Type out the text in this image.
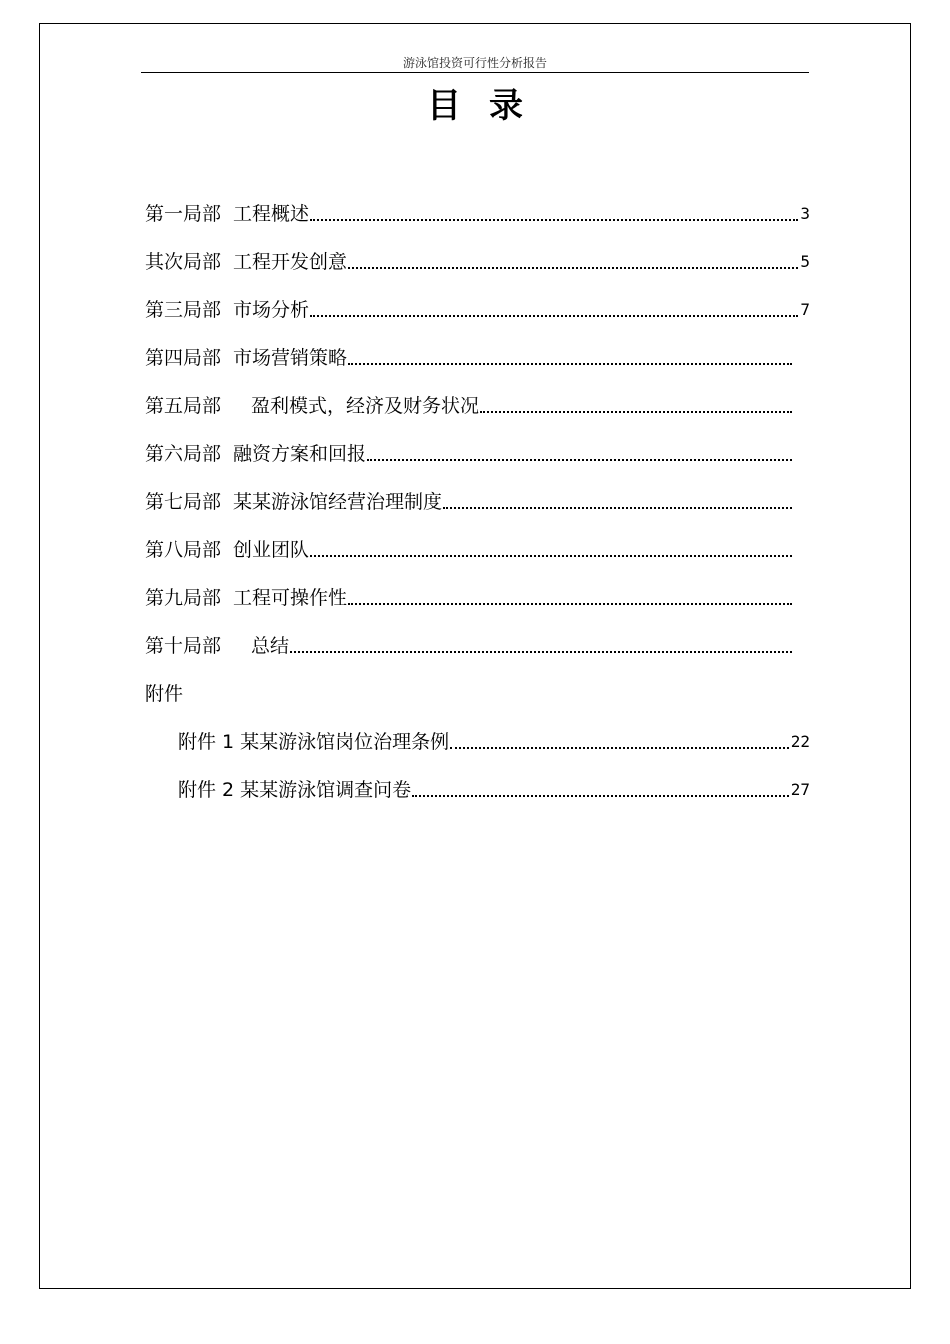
游泳馆投资可行性分析报告
目录
第一局部 工程概述	3
其次局部 工程开发创意	5
第三局部 市场分析	7
第四局部 市场营销策略
第五局部 盈利模式，经济及财务状况
第六局部 融资方案和回报
第七局部 某某游泳馆经营治理制度
第八局部 创业团队
第九局部 工程可操作性
第十局部 总结
附件
附件 1 某某游泳馆岗位治理条例	22
附件 2 某某游泳馆调查问卷	27
